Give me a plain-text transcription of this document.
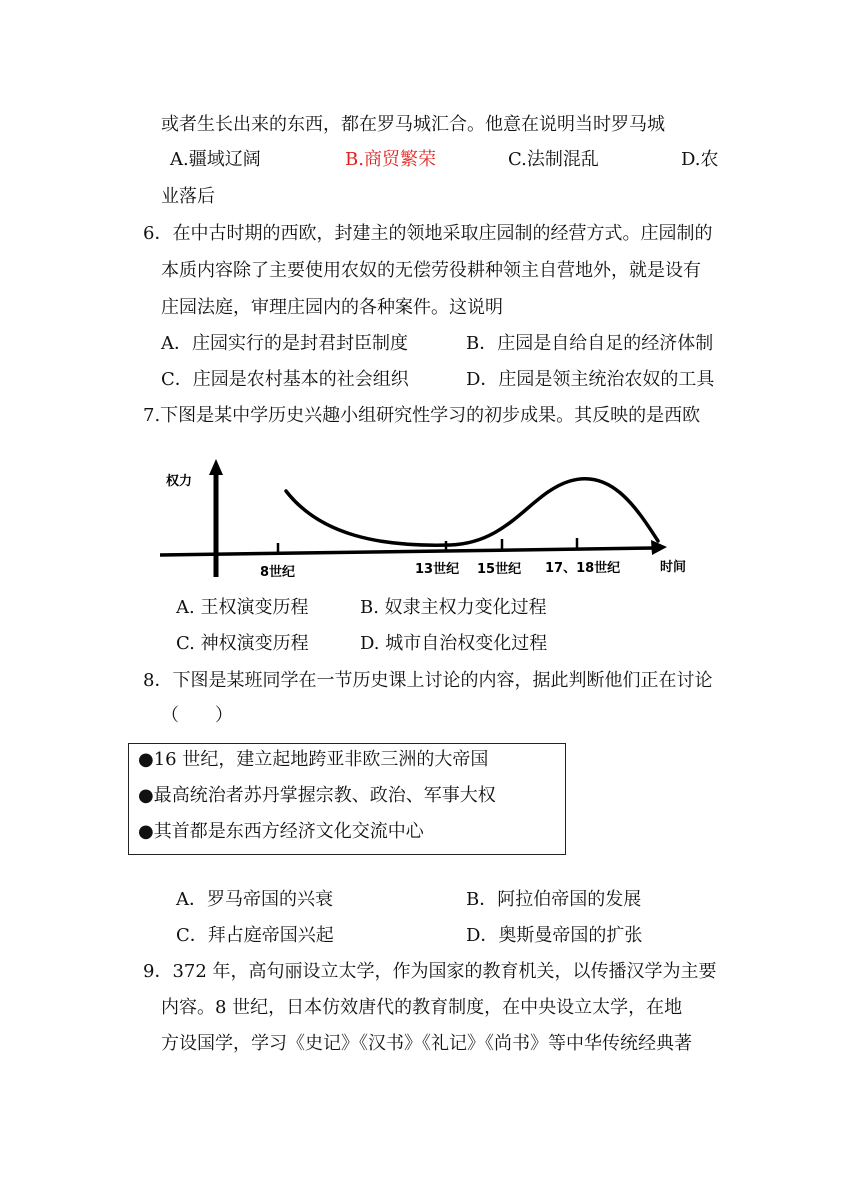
或者生长出来的东西，都在罗马城汇合。他意在说明当时罗马城
A.疆域辽阔	B.商贸繁荣	C.法制混乱	D.农
业落后
6．在中古时期的西欧，封建主的领地采取庄园制的经营方式。庄园制的
本质内容除了主要使用农奴的无偿劳役耕种领主自营地外，就是设有
庄园法庭，审理庄园内的各种案件。这说明
A．庄园实行的是封君封臣制度	B．庄园是自给自足的经济体制
C．庄园是农村基本的社会组织	D．庄园是领主统治农奴的工具
7.下图是某中学历史兴趣小组研究性学习的初步成果。其反映的是西欧
权力
时间
8世纪	13世纪 15世纪 17、18世纪
A. 王权演变历程	B. 奴隶主权力变化过程
C. 神权演变历程	D. 城市自治权变化过程
8．下图是某班同学在一节历史课上讨论的内容，据此判断他们正在讨论
（　　）
●16 世纪，建立起地跨亚非欧三洲的大帝国
●最高统治者苏丹掌握宗教、政治、军事大权
●其首都是东西方经济文化交流中心
A．罗马帝国的兴衰	B．阿拉伯帝国的发展
C．拜占庭帝国兴起	D．奥斯曼帝国的扩张
9．372 年，高句丽设立太学，作为国家的教育机关，以传播汉学为主要
内容。8 世纪，日本仿效唐代的教育制度，在中央设立太学，在地
方设国学，学习《史记》《汉书》《礼记》《尚书》等中华传统经典著
